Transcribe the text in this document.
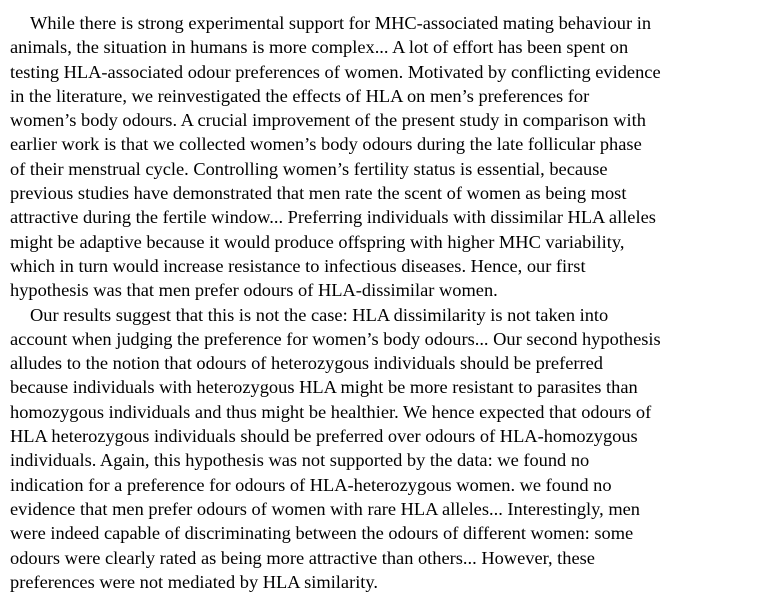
While there is strong experimental support for MHC-associated mating behaviour in
animals, the situation in humans is more complex... A lot of effort has been spent on
testing HLA-associated odour preferences of women. Motivated by conflicting evidence
in the literature, we reinvestigated the effects of HLA on men’s preferences for
women’s body odours. A crucial improvement of the present study in comparison with
earlier work is that we collected women’s body odours during the late follicular phase
of their menstrual cycle. Controlling women’s fertility status is essential, because
previous studies have demonstrated that men rate the scent of women as being most
attractive during the fertile window... Preferring individuals with dissimilar HLA alleles
might be adaptive because it would produce offspring with higher MHC variability,
which in turn would increase resistance to infectious diseases. Hence, our first
hypothesis was that men prefer odours of HLA-dissimilar women.
Our results suggest that this is not the case: HLA dissimilarity is not taken into
account when judging the preference for women’s body odours... Our second hypothesis
alludes to the notion that odours of heterozygous individuals should be preferred
because individuals with heterozygous HLA might be more resistant to parasites than
homozygous individuals and thus might be healthier. We hence expected that odours of
HLA heterozygous individuals should be preferred over odours of HLA-homozygous
individuals. Again, this hypothesis was not supported by the data: we found no
indication for a preference for odours of HLA-heterozygous women. we found no
evidence that men prefer odours of women with rare HLA alleles... Interestingly, men
were indeed capable of discriminating between the odours of different women: some
odours were clearly rated as being more attractive than others... However, these
preferences were not mediated by HLA similarity.
